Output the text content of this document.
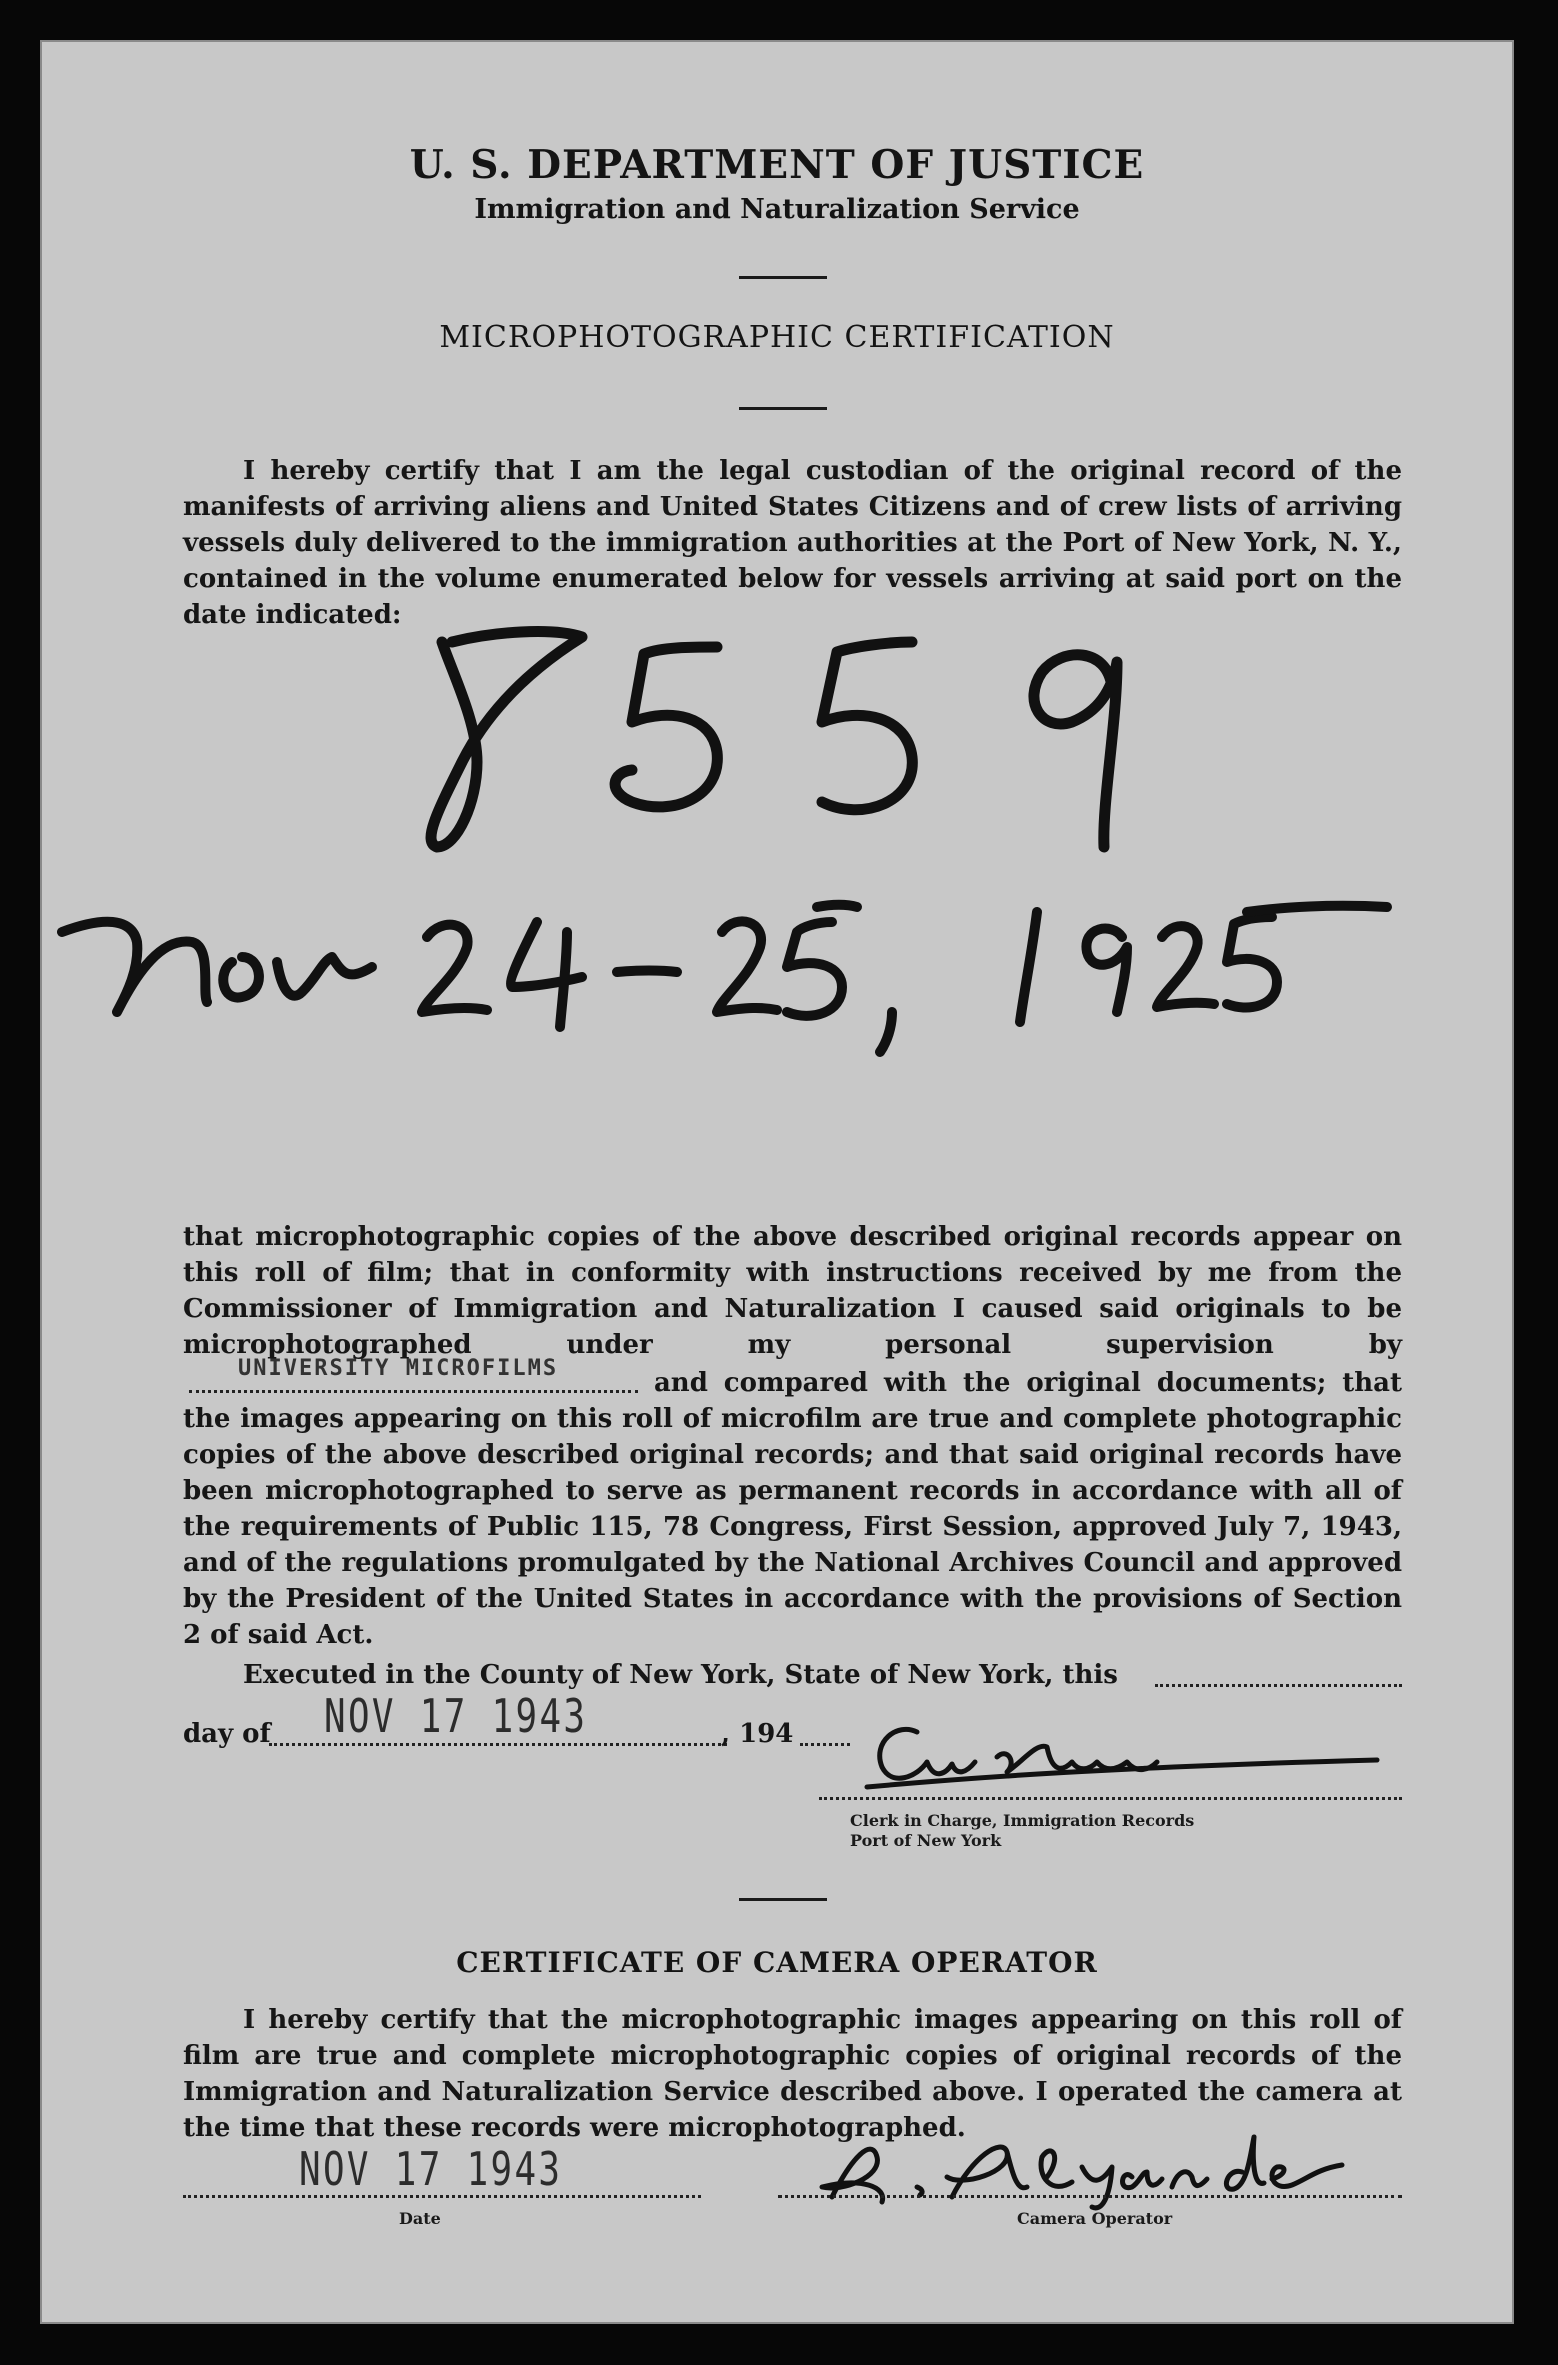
U. S. DEPARTMENT OF JUSTICE
Immigration and Naturalization Service
MICROPHOTOGRAPHIC CERTIFICATION

I hereby certify that I am the legal custodian of the original record of the manifests of arriving aliens and United States Citizens and of crew lists of arriving vessels duly delivered to the immigration authorities at the Port of New York, N. Y., contained in the volume enumerated below for vessels arriving at said port on the date indicated:

that microphotographic copies of the above described original records appear on this roll of film; that in conformity with instructions received by me from the Commissioner of Immigration and Naturalization I caused said originals to be microphotographed under my personal supervision by
UNIVERSITY MICROFILMS	and compared with the original documents; that the images appearing on this roll of microfilm are true and complete photographic copies of the above described original records; and that said original records have been microphotographed to serve as permanent records in accordance with all of the requirements of Public 115, 78 Congress, First Session, approved July 7, 1943, and of the regulations promulgated by the National Archives Council and approved by the President of the United States in accordance with the provisions of Section 2 of said Act.

Executed in the County of New York, State of New York, this
day of NOV 17 1943	, 194
Clerk in Charge, Immigration Records
Port of New York
CERTIFICATE OF CAMERA OPERATOR

I hereby certify that the microphotographic images appearing on this roll of film are true and complete microphotographic copies of original records of the Immigration and Naturalization Service described above. I operated the camera at the time that these records were microphotographed.

NOV 17 1943
Date	Camera Operator
